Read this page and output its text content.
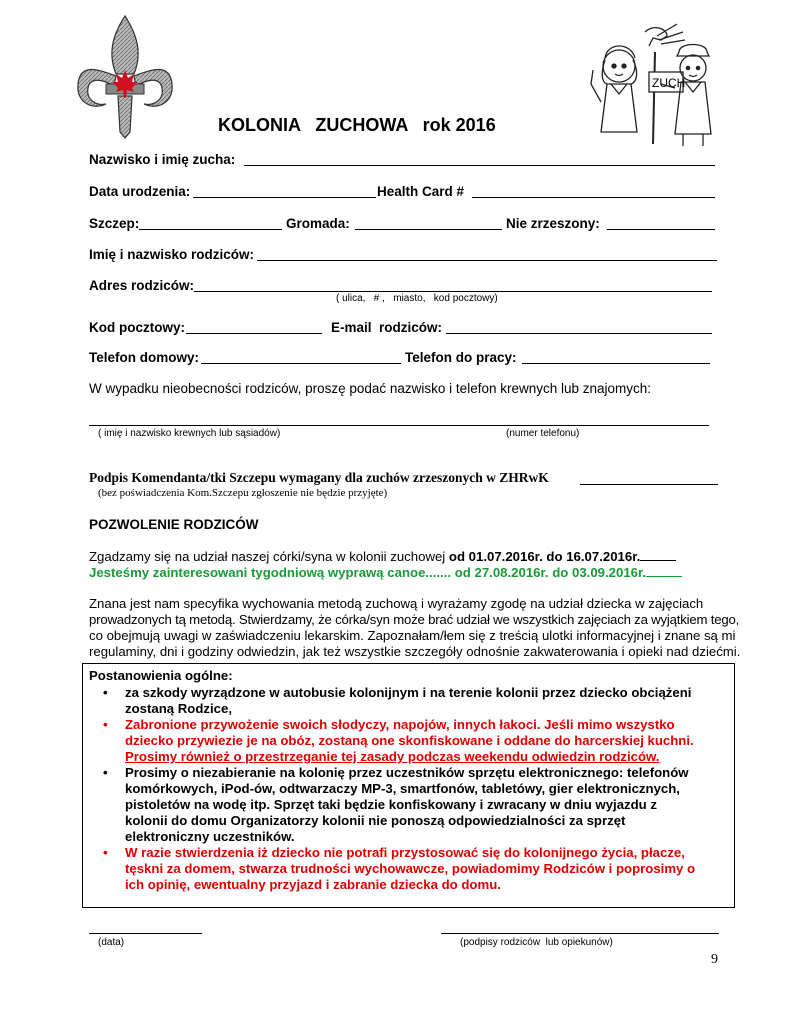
ZUCH
KOLONIA   ZUCHOWA   rok 2016
Nazwisko i imię zucha:
Data urodzenia:	Health Card #
Szczep:	Gromada:	Nie zrzeszony:
Imię i nazwisko rodziców:
Adres rodziców:
( ulica,   # ,   miasto,   kod pocztowy)
Kod pocztowy:	E-mail  rodziców:
Telefon domowy:	Telefon do pracy:
W wypadku nieobecności rodziców, proszę podać nazwisko i telefon krewnych lub znajomych:
( imię i nazwisko krewnych lub sąsiadów)	(numer telefonu)
Podpis Komendanta/tki Szczepu wymagany dla zuchów zrzeszonych w ZHRwK
(bez poświadczenia Kom.Szczepu zgłoszenie nie będzie przyjęte)
POZWOLENIE RODZICÓW
Zgadzamy się na udział naszej córki/syna w kolonii zuchowej od 01.07.2016r. do 16.07.2016r.
Jesteśmy zainteresowani tygodniową wyprawą canoe....... od 27.08.2016r. do 03.09.2016r.
Znana jest nam specyfika wychowania metodą zuchową i wyrażamy zgodę na udział dziecka w zajęciach
prowadzonych tą metodą. Stwierdzamy, że córka/syn może brać udział we wszystkich zajęciach za wyjątkiem tego,
co obejmują uwagi w zaświadczeniu lekarskim. Zapoznałam/łem się z treścią ulotki informacyjnej i znane są mi
regulaminy, dni i godziny odwiedzin, jak też wszystkie szczegóły odnośnie zakwaterowania i opieki nad dziećmi.
Postanowienia ogólne:
• za szkody wyrządzone w autobusie kolonijnym i na terenie kolonii przez dziecko obciążeni
zostaną Rodzice,
• Zabronione przywożenie swoich słodyczy, napojów, innych łakoci. Jeśli mimo wszystko
dziecko przywiezie je na obóz, zostaną one skonfiskowane i oddane do harcerskiej kuchni.
Prosimy również o przestrzeganie tej zasady podczas weekendu odwiedzin rodziców.
• Prosimy o niezabieranie na kolonię przez uczestników sprzętu elektronicznego: telefonów
komórkowych, iPod-ów, odtwarzaczy MP-3, smartfonów, tabletówy, gier elektronicznych,
pistoletów na wodę itp. Sprzęt taki będzie konfiskowany i zwracany w dniu wyjazdu z
kolonii do domu Organizatorzy kolonii nie ponoszą odpowiedzialności za sprzęt
elektroniczny uczestników.
• W razie stwierdzenia iż dziecko nie potrafi przystosować się do kolonijnego życia, płacze,
tęskni za domem, stwarza trudności wychowawcze, powiadomimy Rodziców i poprosimy o
ich opinię, ewentualny przyjazd i zabranie dziecka do domu.
(data)	(podpisy rodziców  lub opiekunów)
9
